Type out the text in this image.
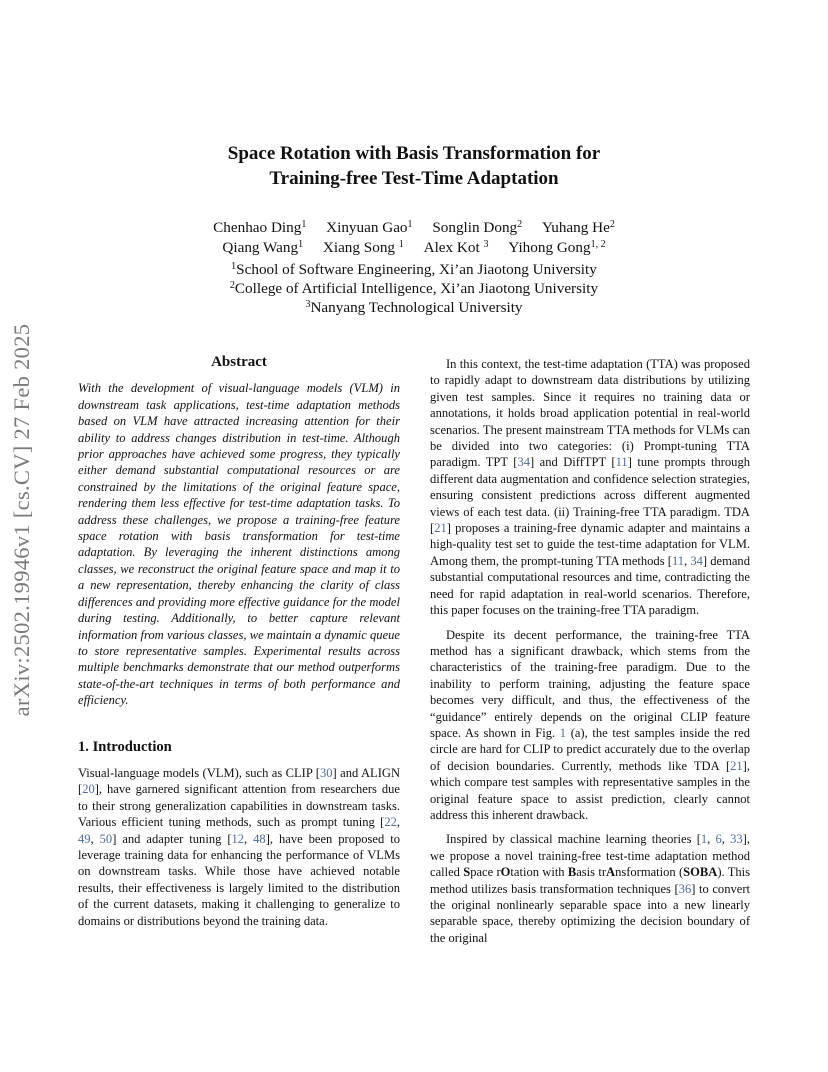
arXiv:2502.19946v1 [cs.CV] 27 Feb 2025
Space Rotation with Basis Transformation for
Training-free Test-Time Adaptation
Chenhao Ding$^1$ Xinyuan Gao$^1$ Songlin Dong$^2$ Yuhang He$^2$
Qiang Wang$^1$ Xiang Song $^1$ Alex Kot $^3$ Yihong Gong$^{1, 2}$
$^1$School of Software Engineering, Xi’an Jiaotong University
$^2$College of Artificial Intelligence, Xi’an Jiaotong University
$^3$Nanyang Technological University

Abstract

With the development of visual-language models (VLM) in downstream task applications, test-time adaptation methods based on VLM have attracted increasing attention for their ability to address changes distribution in test-time. Although prior approaches have achieved some progress, they typically either demand substantial computational resources or are constrained by the limitations of the original feature space, rendering them less effective for test-time adaptation tasks. To address these challenges, we propose a training-free feature space rotation with basis transformation for test-time adaptation. By leveraging the inherent distinctions among classes, we reconstruct the original feature space and map it to a new representation, thereby enhancing the clarity of class differences and providing more effective guidance for the model during testing. Additionally, to better capture relevant information from various classes, we maintain a dynamic queue to store representative samples. Experimental results across multiple benchmarks demonstrate that our method outperforms state-of-the-art techniques in terms of both performance and efficiency.

1. Introduction

Visual-language models (VLM), such as CLIP [30] and ALIGN [20], have garnered significant attention from researchers due to their strong generalization capabilities in downstream tasks. Various efficient tuning methods, such as prompt tuning [22, 49, 50] and adapter tuning [12, 48], have been proposed to leverage training data for enhancing the performance of VLMs on downstream tasks. While those have achieved notable results, their effectiveness is largely limited to the distribution of the current datasets, making it challenging to generalize to domains or distributions beyond the training data.

In this context, the test-time adaptation (TTA) was proposed to rapidly adapt to downstream data distributions by utilizing given test samples. Since it requires no training data or annotations, it holds broad application potential in real-world scenarios. The present mainstream TTA methods for VLMs can be divided into two categories: (i) Prompt-tuning TTA paradigm. TPT [34] and DiffTPT [11] tune prompts through different data augmentation and confidence selection strategies, ensuring consistent predictions across different augmented views of each test data. (ii) Training-free TTA paradigm. TDA [21] proposes a training-free dynamic adapter and maintains a high-quality test set to guide the test-time adaptation for VLM. Among them, the prompt-tuning TTA methods [11, 34] demand substantial computational resources and time, contradicting the need for rapid adaptation in real-world scenarios. Therefore, this paper focuses on the training-free TTA paradigm.

Despite its decent performance, the training-free TTA method has a significant drawback, which stems from the characteristics of the training-free paradigm. Due to the inability to perform training, adjusting the feature space becomes very difficult, and thus, the effectiveness of the “guidance” entirely depends on the original CLIP feature space. As shown in Fig. 1 (a), the test samples inside the red circle are hard for CLIP to predict accurately due to the overlap of decision boundaries. Currently, methods like TDA [21], which compare test samples with representative samples in the original feature space to assist prediction, clearly cannot address this inherent drawback.

Inspired by classical machine learning theories [1, 6, 33], we propose a novel training-free test-time adaptation method called Space rOtation with Basis trAnsformation (SOBA). This method utilizes basis transformation techniques [36] to convert the original nonlinearly separable space into a new linearly separable space, thereby optimizing the decision boundary of the original
